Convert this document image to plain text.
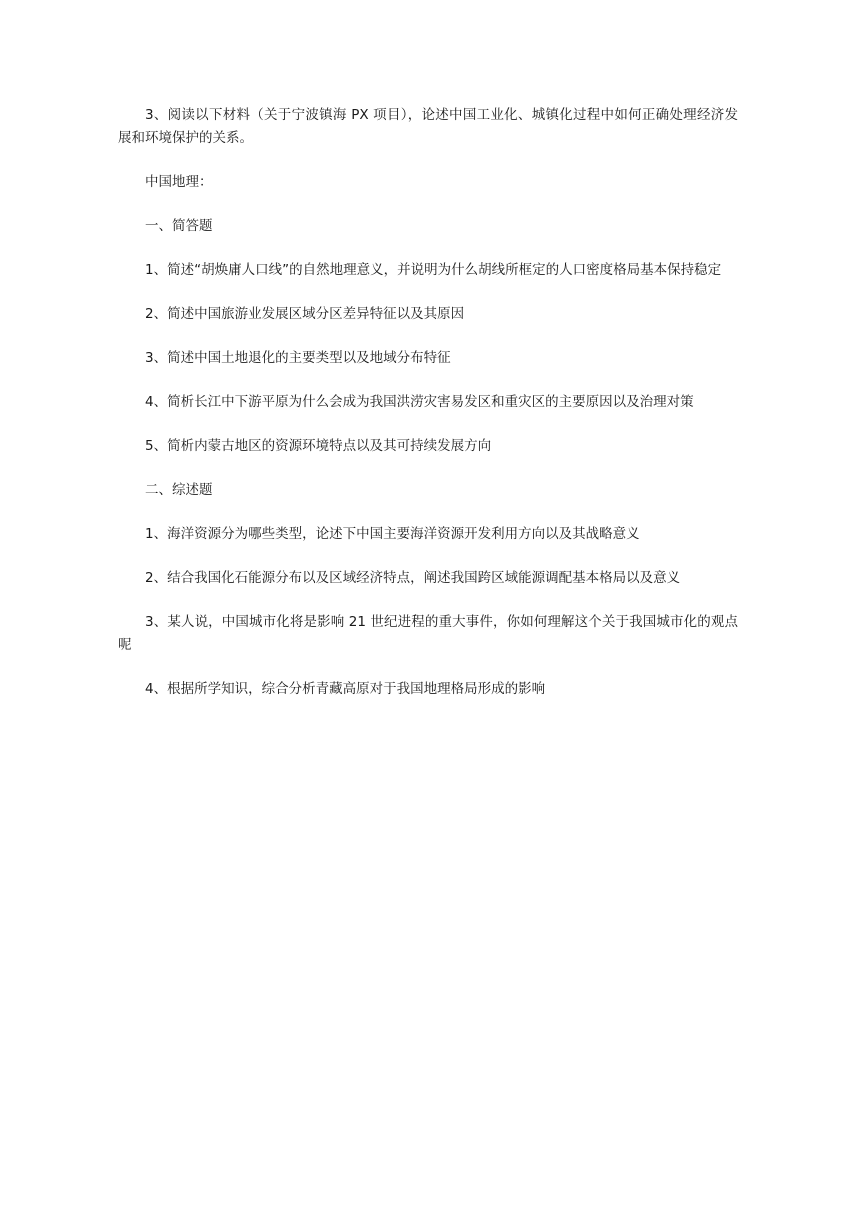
3、阅读以下材料（关于宁波镇海 PX 项目），论述中国工业化、城镇化过程中如何正确处理经济发展和环境保护的关系。

中国地理：

一、简答题

1、简述“胡焕庸人口线”的自然地理意义，并说明为什么胡线所框定的人口密度格局基本保持稳定

2、简述中国旅游业发展区域分区差异特征以及其原因

3、简述中国土地退化的主要类型以及地域分布特征

4、简析长江中下游平原为什么会成为我国洪涝灾害易发区和重灾区的主要原因以及治理对策

5、简析内蒙古地区的资源环境特点以及其可持续发展方向

二、综述题

1、海洋资源分为哪些类型，论述下中国主要海洋资源开发利用方向以及其战略意义

2、结合我国化石能源分布以及区域经济特点，阐述我国跨区域能源调配基本格局以及意义

3、某人说，中国城市化将是影响 21 世纪进程的重大事件，你如何理解这个关于我国城市化的观点呢

4、根据所学知识，综合分析青藏高原对于我国地理格局形成的影响
